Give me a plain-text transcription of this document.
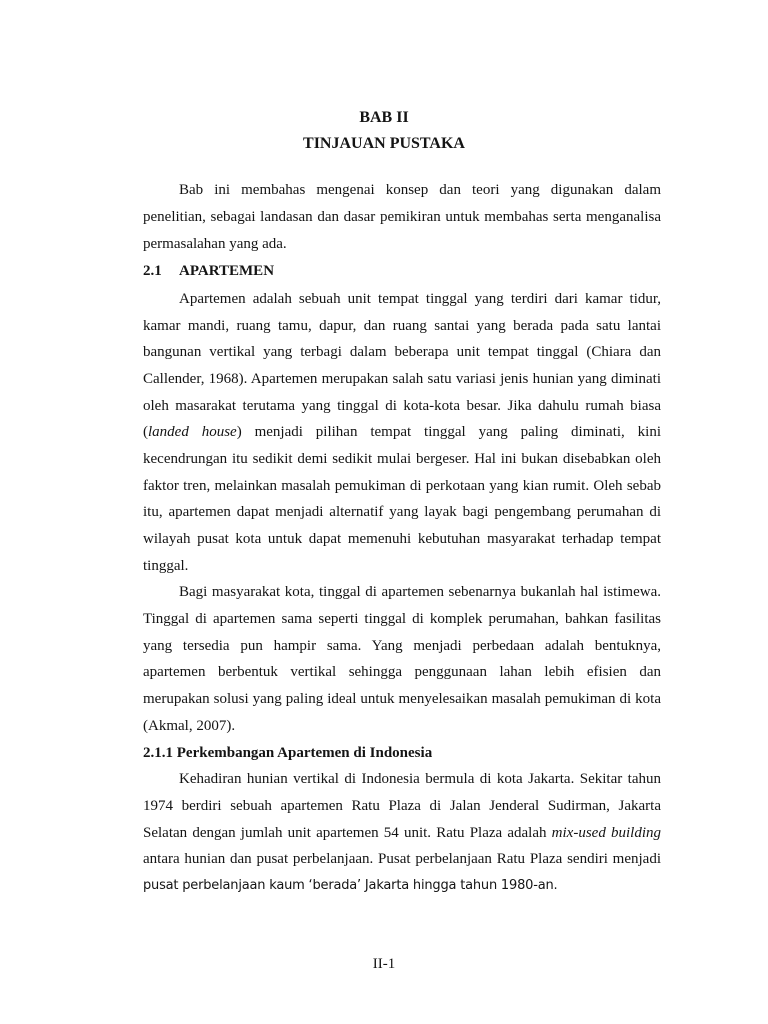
BAB II
TINJAUAN PUSTAKA
Bab ini membahas mengenai konsep dan teori yang digunakan dalam
penelitian, sebagai landasan dan dasar pemikiran untuk membahas serta menganalisa
permasalahan yang ada.
2.1 APARTEMEN
Apartemen adalah sebuah unit tempat tinggal yang terdiri dari kamar tidur,
kamar mandi, ruang tamu, dapur, dan ruang santai yang berada pada satu lantai
bangunan vertikal yang terbagi dalam beberapa unit tempat tinggal (Chiara dan
Callender, 1968). Apartemen merupakan salah satu variasi jenis hunian yang diminati
oleh masarakat terutama yang tinggal di kota-kota besar. Jika dahulu rumah biasa
(landed house) menjadi pilihan tempat tinggal yang paling diminati, kini
kecendrungan itu sedikit demi sedikit mulai bergeser. Hal ini bukan disebabkan oleh
faktor tren, melainkan masalah pemukiman di perkotaan yang kian rumit. Oleh sebab
itu, apartemen dapat menjadi alternatif yang layak bagi pengembang perumahan di
wilayah pusat kota untuk dapat memenuhi kebutuhan masyarakat terhadap tempat
tinggal.
Bagi masyarakat kota, tinggal di apartemen sebenarnya bukanlah hal istimewa.
Tinggal di apartemen sama seperti tinggal di komplek perumahan, bahkan fasilitas
yang tersedia pun hampir sama. Yang menjadi perbedaan adalah bentuknya,
apartemen berbentuk vertikal sehingga penggunaan lahan lebih efisien dan
merupakan solusi yang paling ideal untuk menyelesaikan masalah pemukiman di kota
(Akmal, 2007).
2.1.1 Perkembangan Apartemen di Indonesia
Kehadiran hunian vertikal di Indonesia bermula di kota Jakarta. Sekitar tahun
1974 berdiri sebuah apartemen Ratu Plaza di Jalan Jenderal Sudirman, Jakarta
Selatan dengan jumlah unit apartemen 54 unit. Ratu Plaza adalah mix-used building
antara hunian dan pusat perbelanjaan. Pusat perbelanjaan Ratu Plaza sendiri menjadi
pusat perbelanjaan kaum ‘berada’ Jakarta hingga tahun 1980-an.
II-1
